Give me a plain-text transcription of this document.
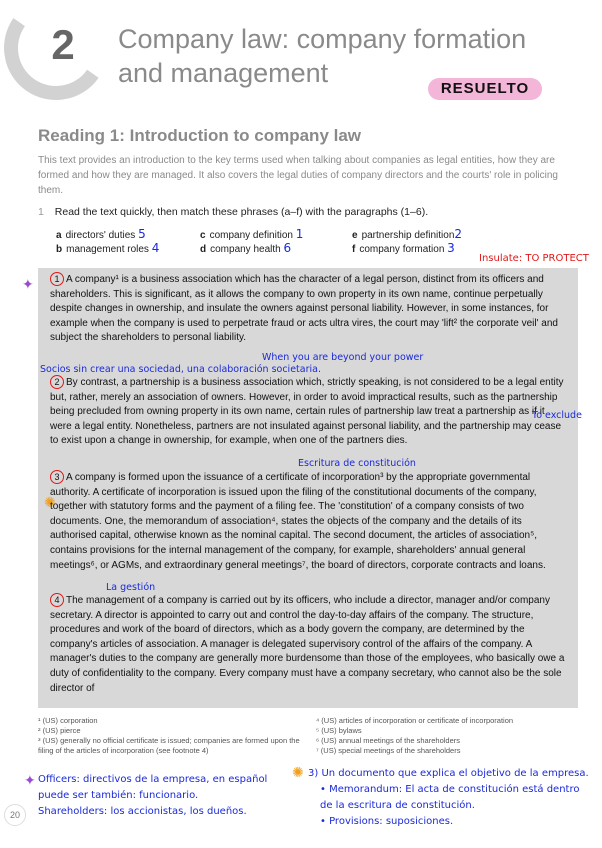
2	Company law: company formation
and management
RESUELTO
Reading 1: Introduction to company law
This text provides an introduction to the key terms used when talking about companies as legal entities, how they are formed and how they are managed. It also covers the legal duties of company directors and the courts' role in policing them.
1 Read the text quickly, then match these phrases (a–f) with the paragraphs (1–6).
a directors' duties 5
b management roles 4
c company definition 1
d company health 6
e partnership definition2
f company formation 3
Insulate: TO PROTECT
✦	1 A company¹ is a business association which has the character of a legal person, distinct from its officers and shareholders. This is significant, as it allows the company to own property in its own name, continue perpetually despite changes in ownership, and insulate the owners against personal liability. However, in some instances, for example when the company is used to perpetrate fraud or acts ultra vires, the court may 'lift² the corporate veil' and subject the shareholders to personal liability.
When you are beyond your power
Socios sin crear una sociedad, una colaboración societaria.
2 By contrast, a partnership is a business association which, strictly speaking, is not considered to be a legal entity but, rather, merely an association of owners. However, in order to avoid impractical results, such as the partnership being precluded from owning property in its own name, certain rules of partnership law treat a partnership as if it were a legal entity. Nonetheless, partners are not insulated against personal liability, and the partnership may cease to exist upon a change in ownership, for example, when one of the partners dies.
To exclude
Escritura de constitución
✺
3 A company is formed upon the issuance of a certificate of incorporation³ by the appropriate governmental authority. A certificate of incorporation is issued upon the filing of the constitutional documents of the company, together with statutory forms and the payment of a filing fee. The 'constitution' of a company consists of two documents. One, the memorandum of association⁴, states the objects of the company and the details of its authorised capital, otherwise known as the nominal capital. The second document, the articles of association⁵, contains provisions for the internal management of the company, for example, shareholders' annual general meetings⁶, or AGMs, and extraordinary general meetings⁷, the board of directors, corporate contracts and loans.
La gestión
4 The management of a company is carried out by its officers, who include a director, manager and/or company secretary. A director is appointed to carry out and control the day-to-day affairs of the company. The structure, procedures and work of the board of directors, which as a body govern the company, are determined by the company's articles of association. A manager is delegated supervisory control of the affairs of the company. A manager's duties to the company are generally more burdensome than those of the employees, who basically owe a duty of confidentiality to the company. Every company must have a company secretary, who cannot also be the sole director of
¹ (US) corporation
² (US) pierce
³ (US) generally no official certificate is issued; companies are formed upon the filing of the articles of incorporation (see footnote 4)
⁴ (US) articles of incorporation or certificate of incorporation
⁵ (US) bylaws
⁶ (US) annual meetings of the shareholders
⁷ (US) special meetings of the shareholders
20
✦ Officers: directivos de la empresa, en español puede ser también: funcionario.
Shareholders: los accionistas, los dueños.
✺ 3) Un documento que explica el objetivo de la empresa.
• Memorandum: El acta de constitución está dentro de la escritura de constitución.
• Provisions: suposiciones.
